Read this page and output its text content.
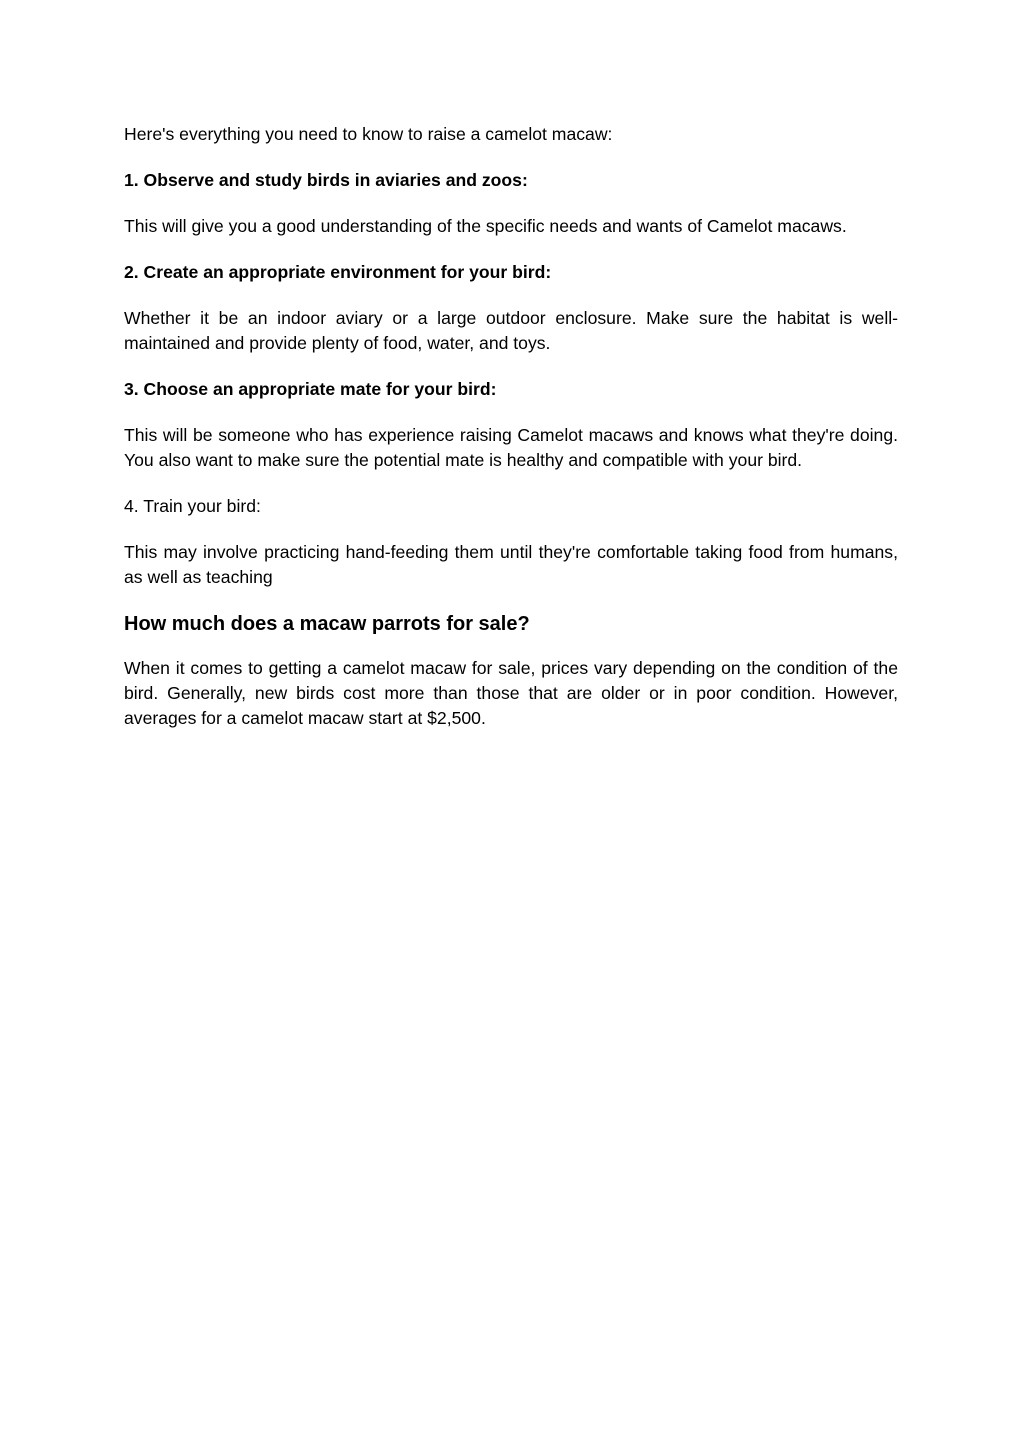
Here's everything you need to know to raise a camelot macaw:

1. Observe and study birds in aviaries and zoos:

This will give you a good understanding of the specific needs and wants of Camelot macaws.

2. Create an appropriate environment for your bird:

Whether it be an indoor aviary or a large outdoor enclosure. Make sure the habitat is well-maintained and provide plenty of food, water, and toys.

3. Choose an appropriate mate for your bird:

This will be someone who has experience raising Camelot macaws and knows what they're doing. You also want to make sure the potential mate is healthy and compatible with your bird.

4. Train your bird:

This may involve practicing hand-feeding them until they're comfortable taking food from humans, as well as teaching

How much does a macaw parrots for sale?

When it comes to getting a camelot macaw for sale, prices vary depending on the condition of the bird. Generally, new birds cost more than those that are older or in poor condition. However, averages for a camelot macaw start at $2,500.
